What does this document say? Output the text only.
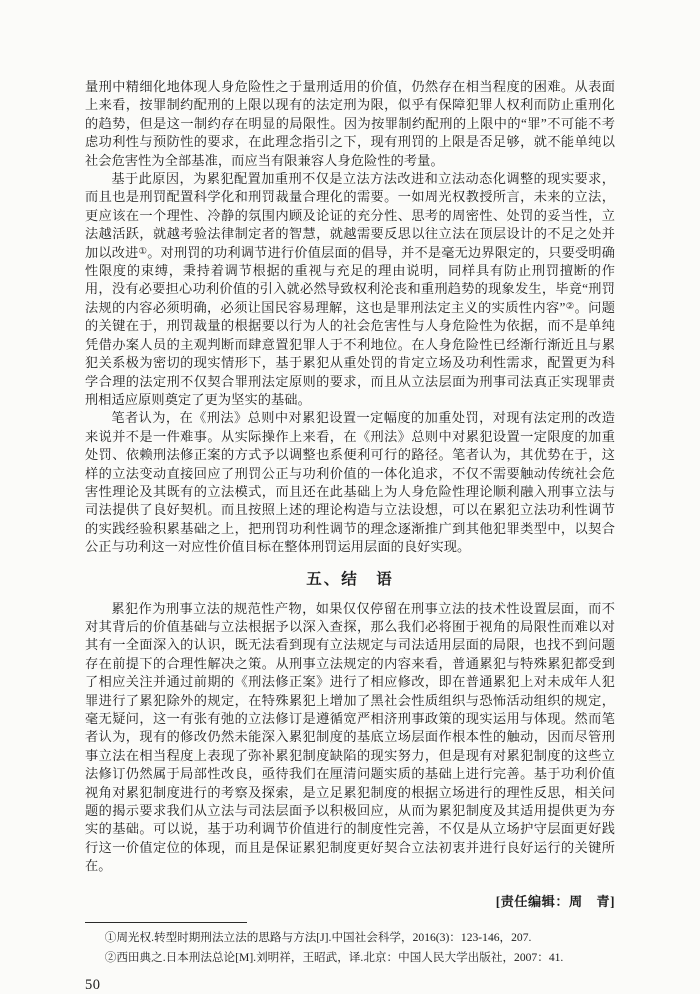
量刑中精细化地体现人身危险性之于量刑适用的价值，仍然存在相当程度的困难。从表面上来看，按罪制约配刑的上限以现有的法定刑为限，似乎有保障犯罪人权利而防止重刑化的趋势，但是这一制约存在明显的局限性。因为按罪制约配刑的上限中的“罪”不可能不考虑功利性与预防性的要求，在此理念指引之下，现有刑罚的上限是否足够，就不能单纯以社会危害性为全部基准，而应当有限兼容人身危险性的考量。

基于此原因，为累犯配置加重刑不仅是立法方法改进和立法动态化调整的现实要求，而且也是刑罚配置科学化和刑罚裁量合理化的需要。一如周光权教授所言，未来的立法，更应该在一个理性、冷静的氛围内顾及论证的充分性、思考的周密性、处罚的妥当性，立法越活跃，就越考验法律制定者的智慧，就越需要反思以往立法在顶层设计的不足之处并加以改进①。对刑罚的功利调节进行价值层面的倡导，并不是毫无边界限定的，只要受明确性限度的束缚，秉持着调节根据的重视与充足的理由说明，同样具有防止刑罚擅断的作用，没有必要担心功利价值的引入就必然导致权利沦丧和重刑趋势的现象发生，毕竟“刑罚法规的内容必须明确，必须让国民容易理解，这也是罪刑法定主义的实质性内容”②。问题的关键在于，刑罚裁量的根据要以行为人的社会危害性与人身危险性为依据，而不是单纯凭借办案人员的主观判断而肆意置犯罪人于不利地位。在人身危险性已经渐行渐近且与累犯关系极为密切的现实情形下，基于累犯从重处罚的肯定立场及功利性需求，配置更为科学合理的法定刑不仅契合罪刑法定原则的要求，而且从立法层面为刑事司法真正实现罪责刑相适应原则奠定了更为坚实的基础。

笔者认为，在《刑法》总则中对累犯设置一定幅度的加重处罚，对现有法定刑的改造来说并不是一件难事。从实际操作上来看，在《刑法》总则中对累犯设置一定限度的加重处罚、依赖刑法修正案的方式予以调整也系便利可行的路径。笔者认为，其优势在于，这样的立法变动直接回应了刑罚公正与功利价值的一体化追求，不仅不需要触动传统社会危害性理论及其既有的立法模式，而且还在此基础上为人身危险性理论顺利融入刑事立法与司法提供了良好契机。而且按照上述的理论构造与立法设想，可以在累犯立法功利性调节的实践经验积累基础之上，把刑罚功利性调节的理念逐渐推广到其他犯罪类型中，以契合公正与功利这一对应性价值目标在整体刑罚运用层面的良好实现。

五、结　语

累犯作为刑事立法的规范性产物，如果仅仅停留在刑事立法的技术性设置层面，而不对其背后的价值基础与立法根据予以深入查探，那么我们必将囿于视角的局限性而难以对其有一全面深入的认识，既无法看到现有立法规定与司法适用层面的局限，也找不到问题存在前提下的合理性解决之策。从刑事立法规定的内容来看，普通累犯与特殊累犯都受到了相应关注并通过前期的《刑法修正案》进行了相应修改，即在普通累犯上对未成年人犯罪进行了累犯除外的规定，在特殊累犯上增加了黑社会性质组织与恐怖活动组织的规定，毫无疑问，这一有张有弛的立法修订是遵循宽严相济刑事政策的现实运用与体现。然而笔者认为，现有的修改仍然未能深入累犯制度的基底立场层面作根本性的触动，因而尽管刑事立法在相当程度上表现了弥补累犯制度缺陷的现实努力，但是现有对累犯制度的这些立法修订仍然属于局部性改良，亟待我们在厘清问题实质的基础上进行完善。基于功利价值视角对累犯制度进行的考察及探索，是立足累犯制度的根据立场进行的理性反思，相关问题的揭示要求我们从立法与司法层面予以积极回应，从而为累犯制度及其适用提供更为夯实的基础。可以说，基于功利调节价值进行的制度性完善，不仅是从立场护守层面更好践行这一价值定位的体现，而且是保证累犯制度更好契合立法初衷并进行良好运行的关键所在。

[责任编辑：周　青]

①周光权.转型时期刑法立法的思路与方法[J].中国社会科学，2016(3)：123-146，207.

②西田典之.日本刑法总论[M].刘明祥，王昭武，译.北京：中国人民大学出版社，2007：41.

50
